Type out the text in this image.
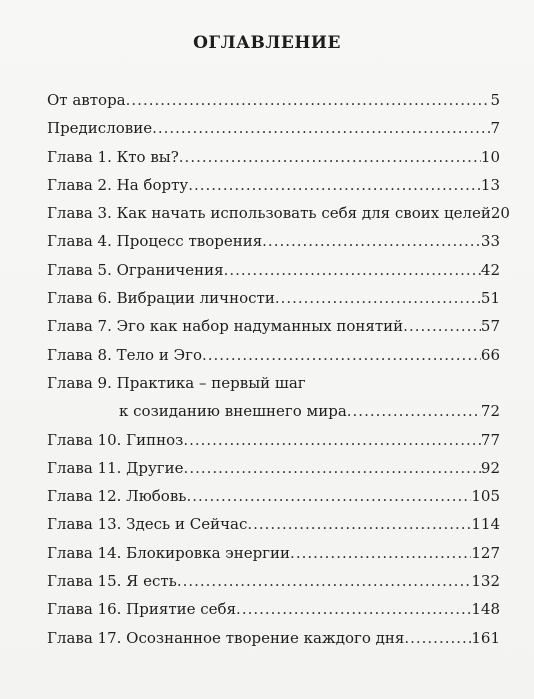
ОГЛАВЛЕНИЕ
От автора .....	5
Предисловие .....	7
Глава 1. Кто вы? .....	10
Глава 2. На борту .....	13
Глава 3. Как начать использовать себя для своих целей 20
Глава 4. Процесс творения .....	33
Глава 5. Ограничения .....	42
Глава 6. Вибрации личности .....	51
Глава 7. Эго как набор надуманных понятий .....	57
Глава 8. Тело и Эго .....	66
Глава 9. Практика – первый шаг
к созиданию внешнего мира .....	72
Глава 10. Гипноз .....	77
Глава 11. Другие .....	92
Глава 12. Любовь .....	105
Глава 13. Здесь и Сейчас .....	114
Глава 14. Блокировка энергии .....	127
Глава 15. Я есть .....	132
Глава 16. Приятие себя .....	148
Глава 17. Осознанное творение каждого дня .....	161
